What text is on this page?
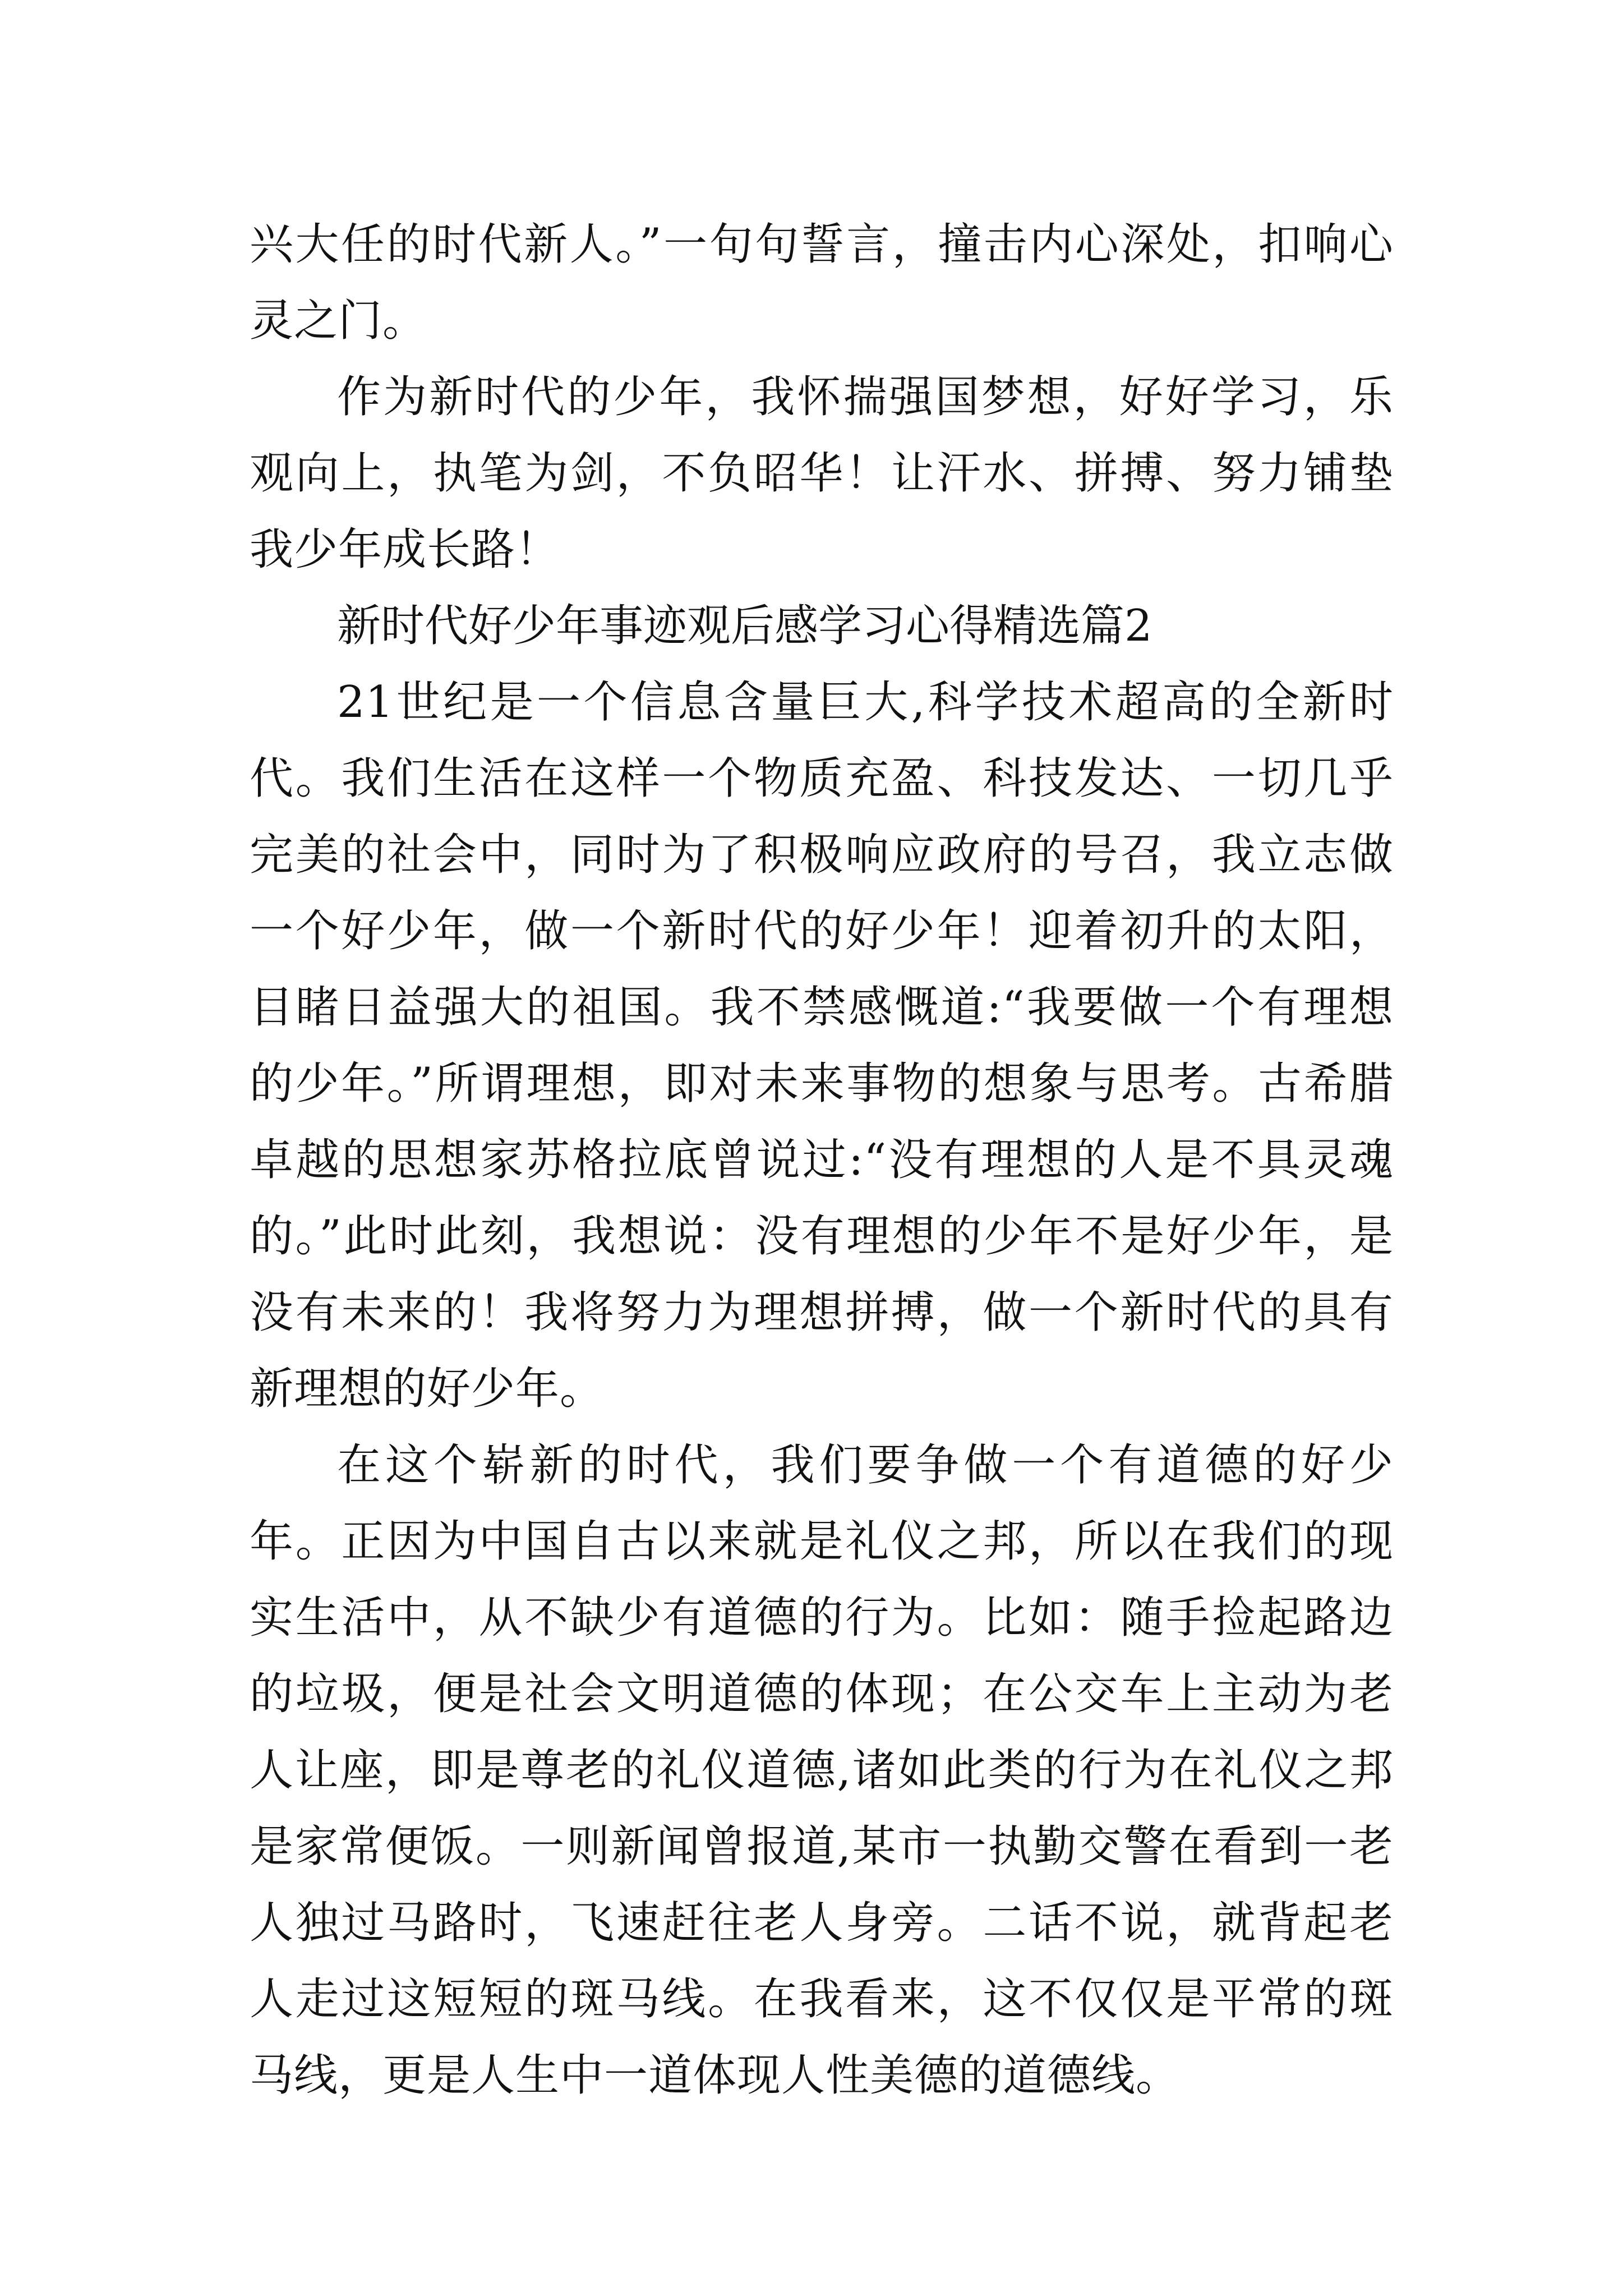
兴大任的时代新人。”一句句誓言，撞击内心深处，扣响心灵之门。

作为新时代的少年，我怀揣强国梦想，好好学习，乐观向上，执笔为剑，不负昭华！让汗水、拼搏、努力铺垫我少年成长路！

新时代好少年事迹观后感学习心得精选篇2

21世纪是一个信息含量巨大,科学技术超高的全新时代。我们生活在这样一个物质充盈、科技发达、一切几乎完美的社会中，同时为了积极响应政府的号召，我立志做一个好少年，做一个新时代的好少年！迎着初升的太阳，目睹日益强大的祖国。我不禁感慨道:“我要做一个有理想的少年。”所谓理想，即对未来事物的想象与思考。古希腊卓越的思想家苏格拉底曾说过:“没有理想的人是不具灵魂的。”此时此刻，我想说：没有理想的少年不是好少年，是没有未来的！我将努力为理想拼搏，做一个新时代的具有新理想的好少年。

在这个崭新的时代，我们要争做一个有道德的好少年。正因为中国自古以来就是礼仪之邦，所以在我们的现实生活中，从不缺少有道德的行为。比如：随手捡起路边的垃圾，便是社会文明道德的体现；在公交车上主动为老人让座，即是尊老的礼仪道德,诸如此类的行为在礼仪之邦是家常便饭。一则新闻曾报道,某市一执勤交警在看到一老人独过马路时，飞速赶往老人身旁。二话不说，就背起老人走过这短短的斑马线。在我看来，这不仅仅是平常的斑马线，更是人生中一道体现人性美德的道德线。
